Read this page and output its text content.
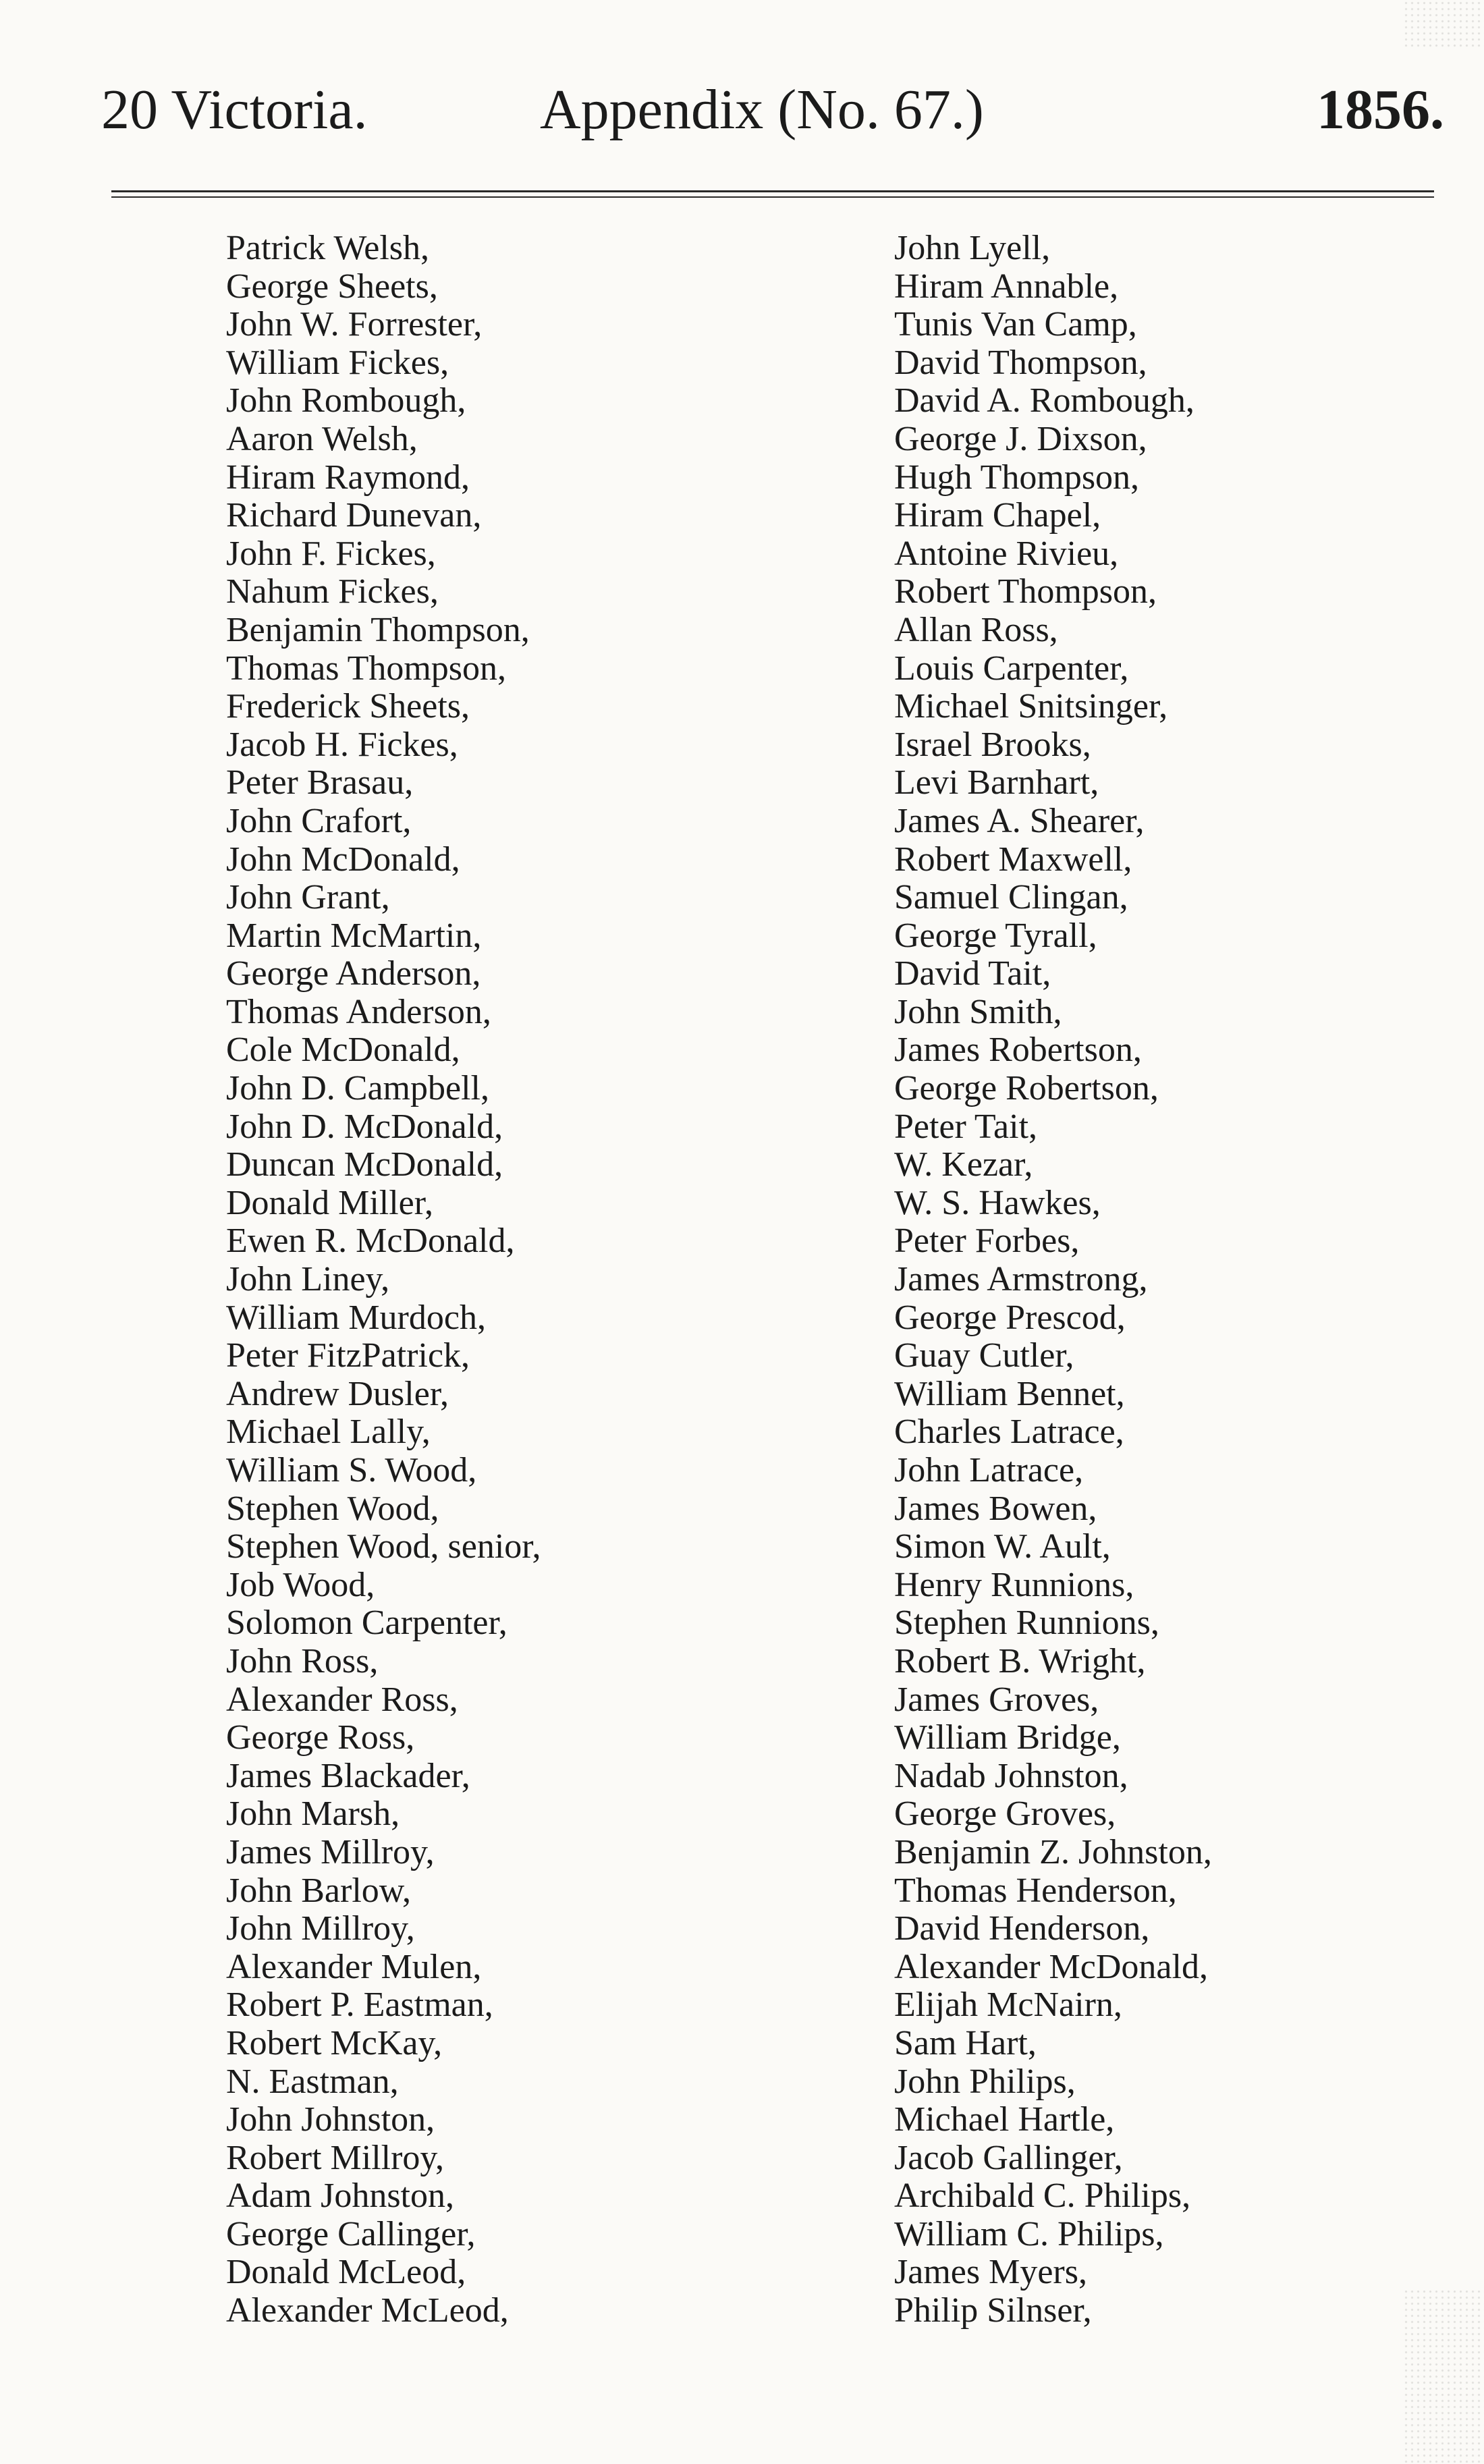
20 Victoria.	Appendix (No. 67.)	1856.
Patrick Welsh,
George Sheets,
John W. Forrester,
William Fickes,
John Rombough,
Aaron Welsh,
Hiram Raymond,
Richard Dunevan,
John F. Fickes,
Nahum Fickes,
Benjamin Thompson,
Thomas Thompson,
Frederick Sheets,
Jacob H. Fickes,
Peter Brasau,
John Crafort,
John McDonald,
John Grant,
Martin McMartin,
George Anderson,
Thomas Anderson,
Cole McDonald,
John D. Campbell,
John D. McDonald,
Duncan McDonald,
Donald Miller,
Ewen R. McDonald,
John Liney,
William Murdoch,
Peter FitzPatrick,
Andrew Dusler,
Michael Lally,
William S. Wood,
Stephen Wood,
Stephen Wood, senior,
Job Wood,
Solomon Carpenter,
John Ross,
Alexander Ross,
George Ross,
James Blackader,
John Marsh,
James Millroy,
John Barlow,
John Millroy,
Alexander Mulen,
Robert P. Eastman,
Robert McKay,
N. Eastman,
John Johnston,
Robert Millroy,
Adam Johnston,
George Callinger,
Donald McLeod,
Alexander McLeod,
John Lyell,
Hiram Annable,
Tunis Van Camp,
David Thompson,
David A. Rombough,
George J. Dixson,
Hugh Thompson,
Hiram Chapel,
Antoine Rivieu,
Robert Thompson,
Allan Ross,
Louis Carpenter,
Michael Snitsinger,
Israel Brooks,
Levi Barnhart,
James A. Shearer,
Robert Maxwell,
Samuel Clingan,
George Tyrall,
David Tait,
John Smith,
James Robertson,
George Robertson,
Peter Tait,
W. Kezar,
W. S. Hawkes,
Peter Forbes,
James Armstrong,
George Prescod,
Guay Cutler,
William Bennet,
Charles Latrace,
John Latrace,
James Bowen,
Simon W. Ault,
Henry Runnions,
Stephen Runnions,
Robert B. Wright,
James Groves,
William Bridge,
Nadab Johnston,
George Groves,
Benjamin Z. Johnston,
Thomas Henderson,
David Henderson,
Alexander McDonald,
Elijah McNairn,
Sam Hart,
John Philips,
Michael Hartle,
Jacob Gallinger,
Archibald C. Philips,
William C. Philips,
James Myers,
Philip Silnser,
